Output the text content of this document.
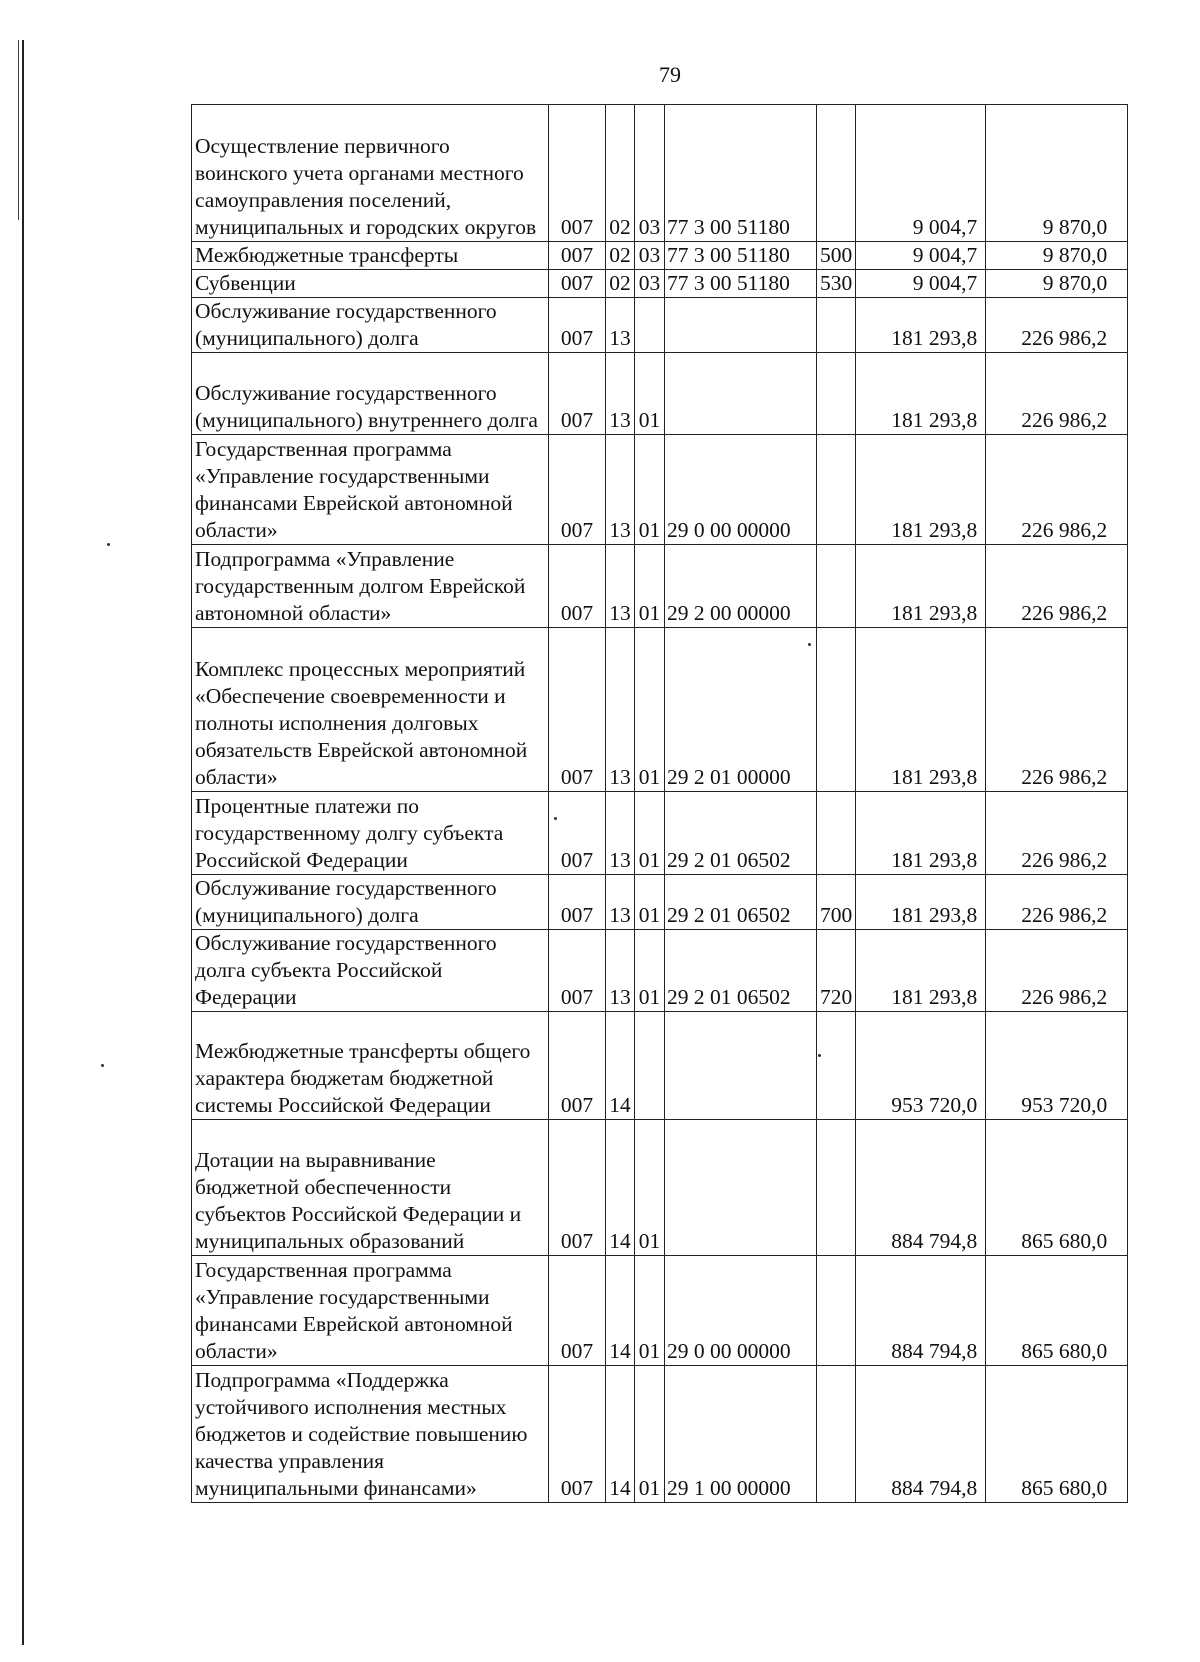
79
Осуществление первичного воинского учета органами местного самоуправления поселений, муниципальных и городских округов	007	02	03	77 3 00 51180		9 004,7	9 870,0
Межбюджетные трансферты	007	02	03	77 3 00 51180	500	9 004,7	9 870,0
Субвенции	007	02	03	77 3 00 51180	530	9 004,7	9 870,0
Обслуживание государственного (муниципального) долга	007	13				181 293,8	226 986,2
Обслуживание государственного (муниципального) внутреннего долга	007	13	01			181 293,8	226 986,2
Государственная программа «Управление государственными финансами Еврейской автономной области»	007	13	01	29 0 00 00000		181 293,8	226 986,2
Подпрограмма «Управление государственным долгом Еврейской автономной области»	007	13	01	29 2 00 00000		181 293,8	226 986,2
Комплекс процессных мероприятий «Обеспечение своевременности и полноты исполнения долговых обязательств Еврейской автономной области»	007	13	01	29 2 01 00000		181 293,8	226 986,2
Процентные платежи по государственному долгу субъекта Российской Федерации	007	13	01	29 2 01 06502		181 293,8	226 986,2
Обслуживание государственного (муниципального) долга	007	13	01	29 2 01 06502	700	181 293,8	226 986,2
Обслуживание государственного долга субъекта Российской Федерации	007	13	01	29 2 01 06502	720	181 293,8	226 986,2
Межбюджетные трансферты общего характера бюджетам бюджетной системы Российской Федерации	007	14				953 720,0	953 720,0
Дотации на выравнивание бюджетной обеспеченности субъектов Российской Федерации и муниципальных образований	007	14	01			884 794,8	865 680,0
Государственная программа «Управление государственными финансами Еврейской автономной области»	007	14	01	29 0 00 00000		884 794,8	865 680,0
Подпрограмма «Поддержка устойчивого исполнения местных бюджетов и содействие повышению качества управления муниципальными финансами»	007	14	01	29 1 00 00000		884 794,8	865 680,0
